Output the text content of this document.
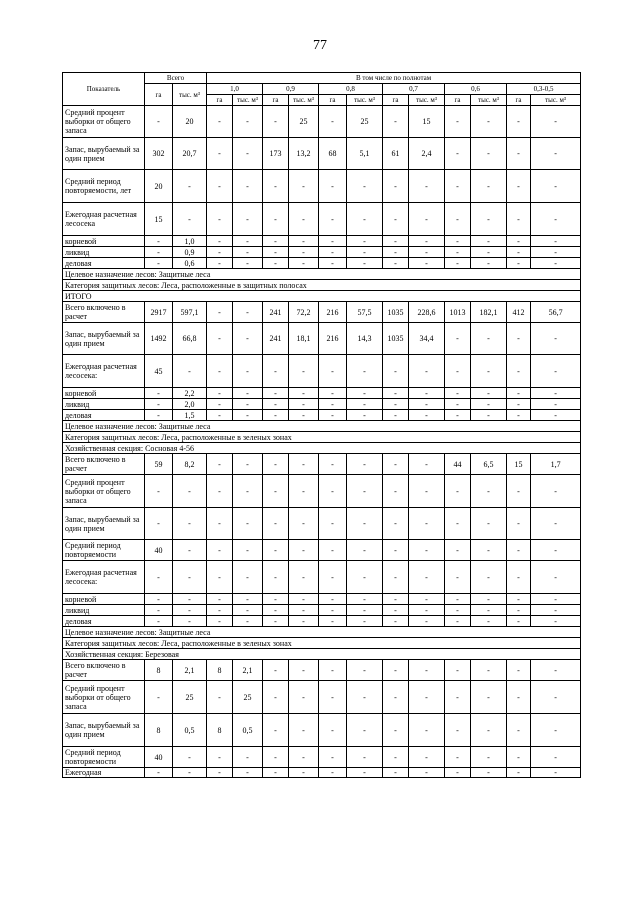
77
Показатель	Всего		В том числе по полнотам											
	га	тыс. м³	1,0		0,9		0,8		0,7		0,6		0,3-0,5	
			га	тыс. м³	га	тыс. м³	га	тыс. м³	га	тыс. м³	га	тыс. м³	га	тыс. м³
Средний процент выборки от общего запаса	-	20	-	-	-	25	-	25	-	15	-	-	-	-
Запас, вырубаемый за один прием	302	20,7	-	-	173	13,2	68	5,1	61	2,4	-	-	-	-
Средний период повторяемости, лет	20	-	-	-	-	-	-	-	-	-	-	-	-	-
Ежегодная расчетная лесосека	15	-	-	-	-	-	-	-	-	-	-	-	-	-
корневой	-	1,0	-	-	-	-	-	-	-	-	-	-	-	-
ликвид	-	0,9	-	-	-	-	-	-	-	-	-	-	-	-
деловая	-	0,6	-	-	-	-	-	-	-	-	-	-	-	-
Целевое назначение лесов: Защитные леса														
Категория защитных лесов: Леса, расположенные в защитных полосах														
ИТОГО														
Всего включено в расчет	2917	597,1	-	-	241	72,2	216	57,5	1035	228,6	1013	182,1	412	56,7
Запас, вырубаемый за один прием	1492	66,8	-	-	241	18,1	216	14,3	1035	34,4	-	-	-	-
Ежегодная расчетная лесосека:	45	-	-	-	-	-	-	-	-	-	-	-	-	-
корневой	-	2,2	-	-	-	-	-	-	-	-	-	-	-	-
ликвид	-	2,0	-	-	-	-	-	-	-	-	-	-	-	-
деловая	-	1,5	-	-	-	-	-	-	-	-	-	-	-	-
Целевое назначение лесов: Защитные леса														
Категория защитных лесов: Леса, расположенные в зеленых зонах														
Хозяйственная секция: Сосновая 4-56														
Всего включено в расчет	59	8,2	-	-	-	-	-	-	-	-	44	6,5	15	1,7
Средний процент выборки от общего запаса	-	-	-	-	-	-	-	-	-	-	-	-	-	-
Запас, вырубаемый за один прием	-	-	-	-	-	-	-	-	-	-	-	-	-	-
Средний период повторяемости	40	-	-	-	-	-	-	-	-	-	-	-	-	-
Ежегодная расчетная лесосека:	-	-	-	-	-	-	-	-	-	-	-	-	-	-
корневой	-	-	-	-	-	-	-	-	-	-	-	-	-	-
ликвид	-	-	-	-	-	-	-	-	-	-	-	-	-	-
деловая	-	-	-	-	-	-	-	-	-	-	-	-	-	-
Целевое назначение лесов: Защитные леса														
Категория защитных лесов: Леса, расположенные в зеленых зонах														
Хозяйственная секция: Березовая														
Всего включено в расчет	8	2,1	8	2,1	-	-	-	-	-	-	-	-	-	-
Средний процент выборки от общего запаса	-	25	-	25	-	-	-	-	-	-	-	-	-	-
Запас, вырубаемый за один прием	8	0,5	8	0,5	-	-	-	-	-	-	-	-	-	-
Средний период повторяемости	40	-	-	-	-	-	-	-	-	-	-	-	-	-
Ежегодная	-	-	-	-	-	-	-	-	-	-	-	-	-	-
